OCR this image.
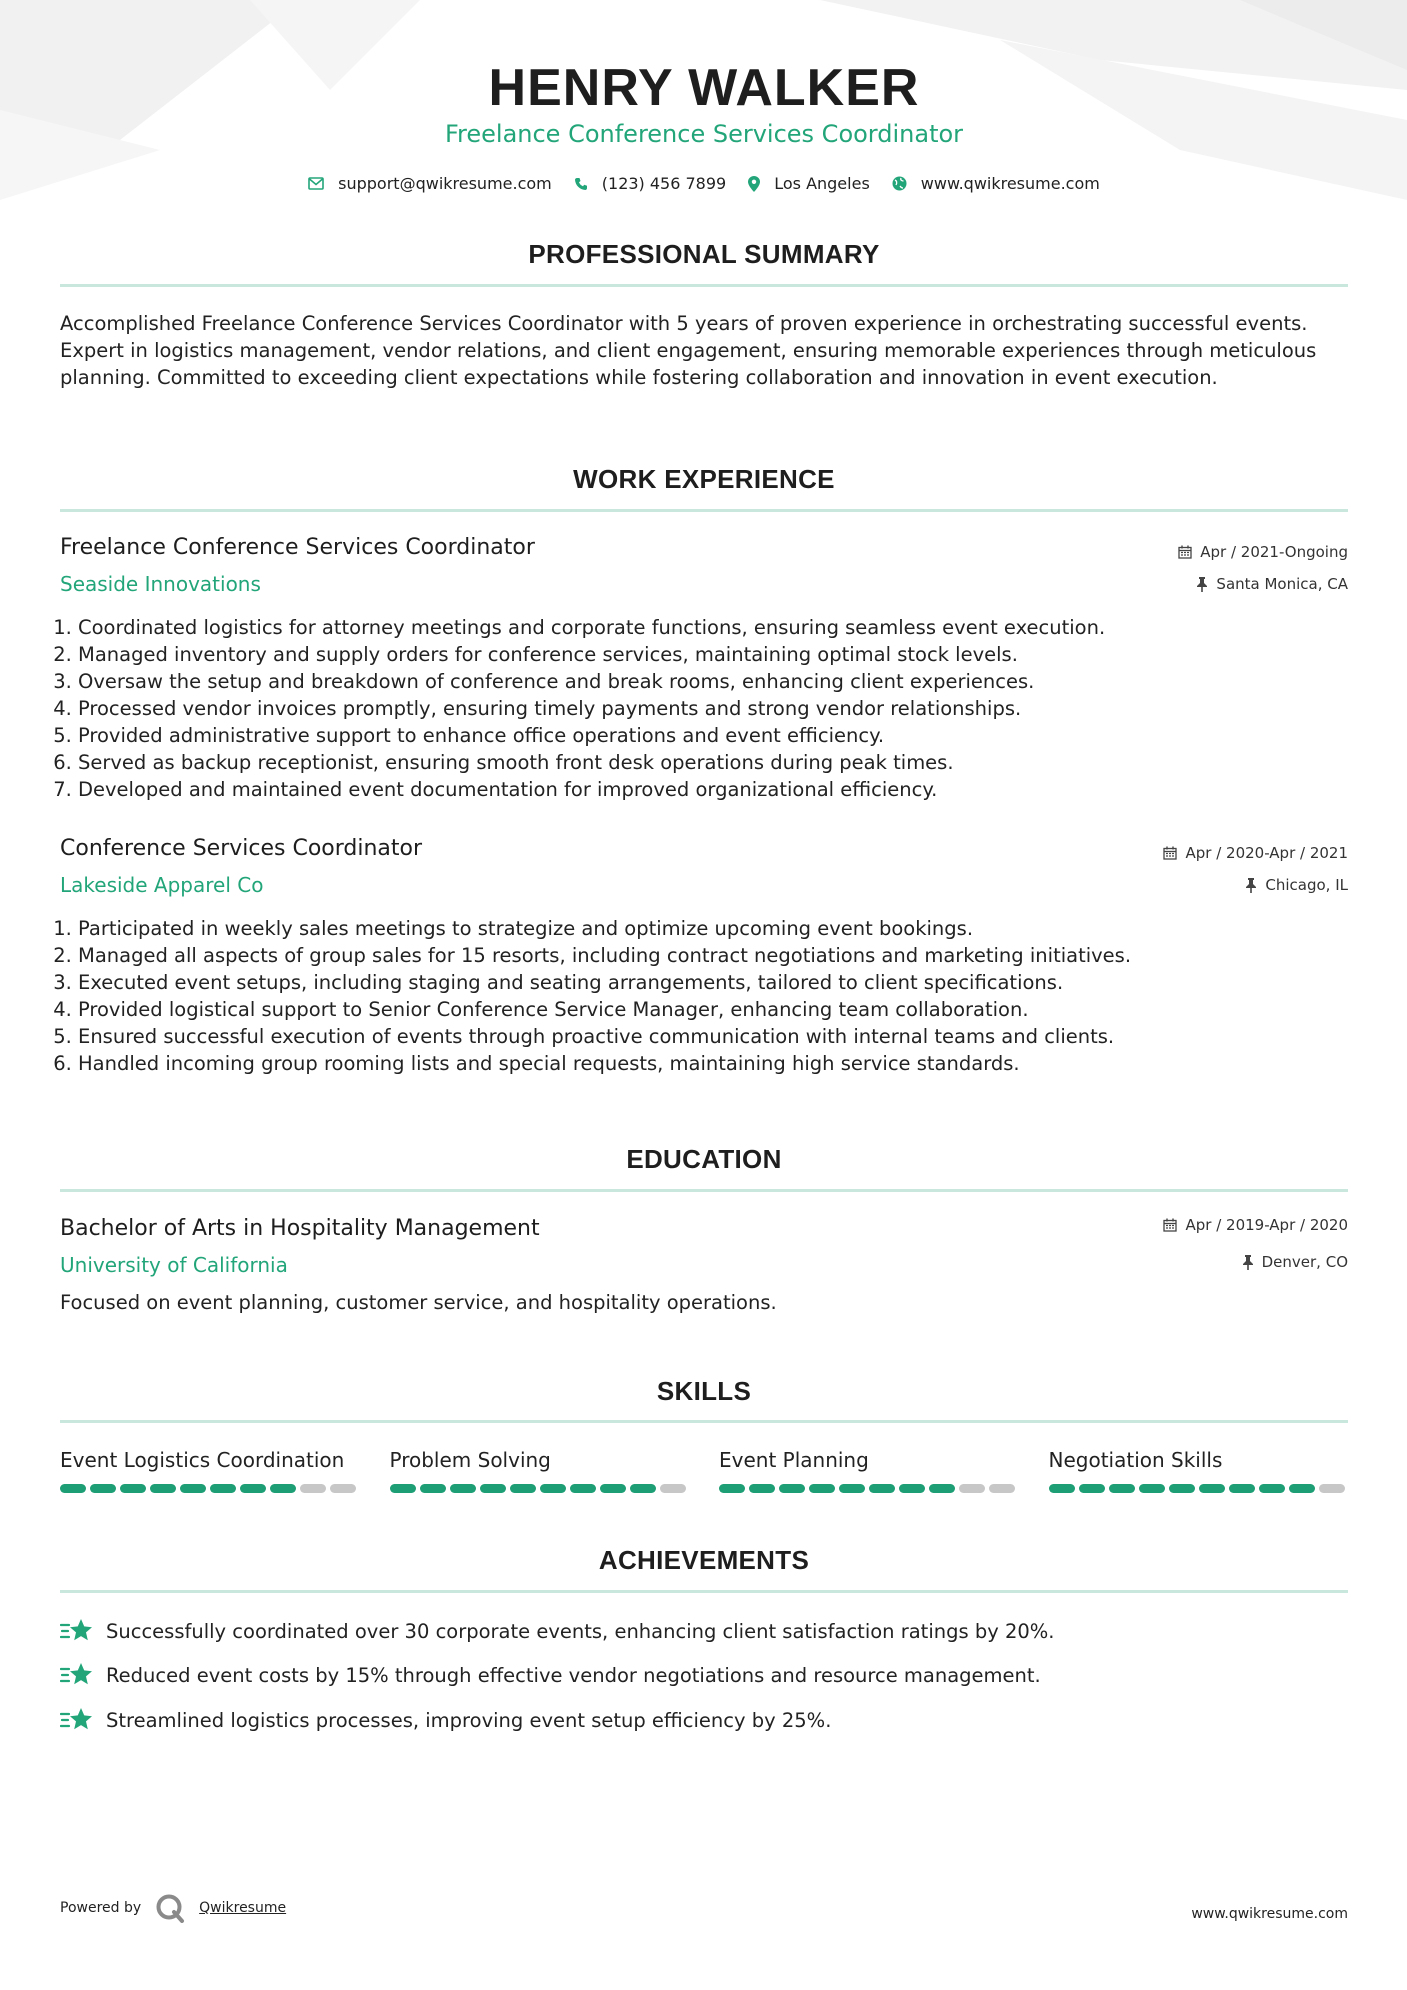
HENRY WALKER
Freelance Conference Services Coordinator
support@qwikresume.com	(123) 456 7899	Los Angeles	www.qwikresume.com
PROFESSIONAL SUMMARY
Accomplished Freelance Conference Services Coordinator with 5 years of proven experience in orchestrating successful events. Expert in logistics management, vendor relations, and client engagement, ensuring memorable experiences through meticulous planning. Committed to exceeding client expectations while fostering collaboration and innovation in event execution.
WORK EXPERIENCE
Freelance Conference Services Coordinator	Apr / 2021-Ongoing
Seaside Innovations	Santa Monica, CA
1. Coordinated logistics for attorney meetings and corporate functions, ensuring seamless event execution.
2. Managed inventory and supply orders for conference services, maintaining optimal stock levels.
3. Oversaw the setup and breakdown of conference and break rooms, enhancing client experiences.
4. Processed vendor invoices promptly, ensuring timely payments and strong vendor relationships.
5. Provided administrative support to enhance office operations and event efficiency.
6. Served as backup receptionist, ensuring smooth front desk operations during peak times.
7. Developed and maintained event documentation for improved organizational efficiency.
Conference Services Coordinator	Apr / 2020-Apr / 2021
Lakeside Apparel Co	Chicago, IL
1. Participated in weekly sales meetings to strategize and optimize upcoming event bookings.
2. Managed all aspects of group sales for 15 resorts, including contract negotiations and marketing initiatives.
3. Executed event setups, including staging and seating arrangements, tailored to client specifications.
4. Provided logistical support to Senior Conference Service Manager, enhancing team collaboration.
5. Ensured successful execution of events through proactive communication with internal teams and clients.
6. Handled incoming group rooming lists and special requests, maintaining high service standards.
EDUCATION
Bachelor of Arts in Hospitality Management	Apr / 2019-Apr / 2020
University of California	Denver, CO
Focused on event planning, customer service, and hospitality operations.
SKILLS
Event Logistics Coordination	Problem Solving	Event Planning	Negotiation Skills
ACHIEVEMENTS
Successfully coordinated over 30 corporate events, enhancing client satisfaction ratings by 20%.
Reduced event costs by 15% through effective vendor negotiations and resource management.
Streamlined logistics processes, improving event setup efficiency by 25%.
Powered by	Qwikresume	www.qwikresume.com
